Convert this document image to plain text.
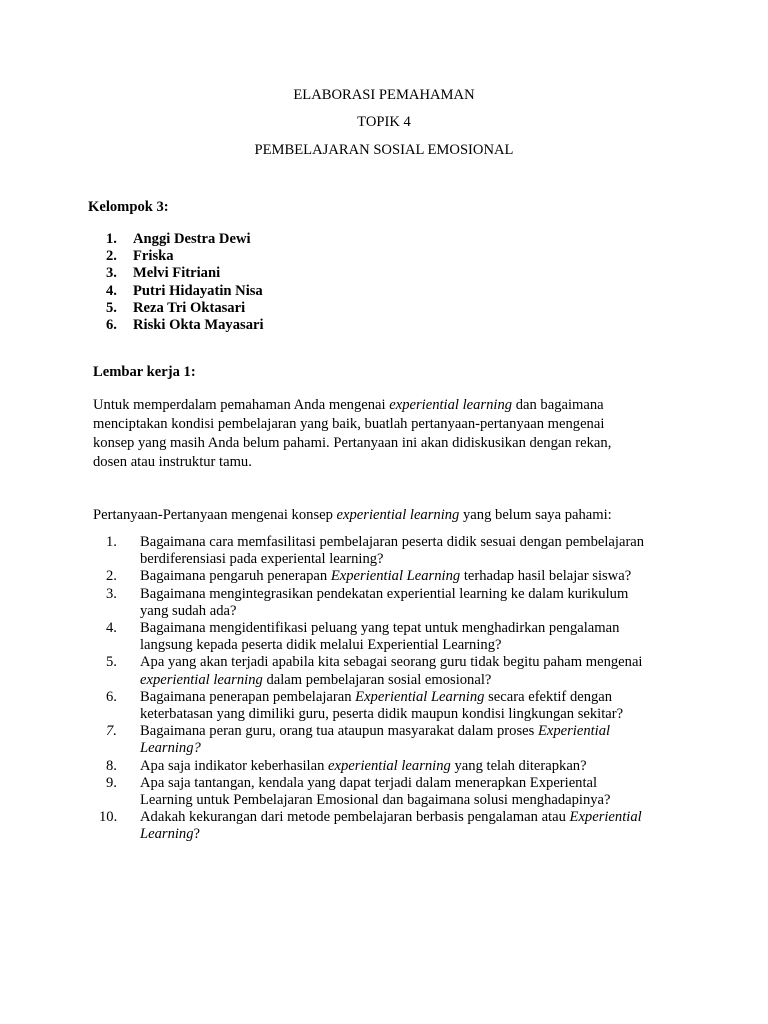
ELABORASI PEMAHAMAN
TOPIK 4
PEMBELAJARAN SOSIAL EMOSIONAL
Kelompok 3:
1. Anggi Destra Dewi
2. Friska
3. Melvi Fitriani
4. Putri Hidayatin Nisa
5. Reza Tri Oktasari
6. Riski Okta Mayasari
Lembar kerja 1:
Untuk memperdalam pemahaman Anda mengenai experiential learning dan bagaimana
menciptakan kondisi pembelajaran yang baik, buatlah pertanyaan-pertanyaan mengenai
konsep yang masih Anda belum pahami. Pertanyaan ini akan didiskusikan dengan rekan,
dosen atau instruktur tamu.
Pertanyaan-Pertanyaan mengenai konsep experiential learning yang belum saya pahami:
1.	Bagaimana cara memfasilitasi pembelajaran peserta didik sesuai dengan pembelajaran
berdiferensiasi pada experiental learning?
2.	Bagaimana pengaruh penerapan Experiential Learning terhadap hasil belajar siswa?
3.	Bagaimana mengintegrasikan pendekatan experiential learning ke dalam kurikulum
yang sudah ada?
4.	Bagaimana mengidentifikasi peluang yang tepat untuk menghadirkan pengalaman
langsung kepada peserta didik melalui Experiential Learning?
5.	Apa yang akan terjadi apabila kita sebagai seorang guru tidak begitu paham mengenai
experiential learning dalam pembelajaran sosial emosional?
6.	Bagaimana penerapan pembelajaran Experiential Learning secara efektif dengan
keterbatasan yang dimiliki guru, peserta didik maupun kondisi lingkungan sekitar?
7.	Bagaimana peran guru, orang tua ataupun masyarakat dalam proses Experiential
Learning?
8.	Apa saja indikator keberhasilan experiential learning yang telah diterapkan?
9.	Apa saja tantangan, kendala yang dapat terjadi dalam menerapkan Experiental
Learning untuk Pembelajaran Emosional dan bagaimana solusi menghadapinya?
10.	Adakah kekurangan dari metode pembelajaran berbasis pengalaman atau Experiential
Learning?
